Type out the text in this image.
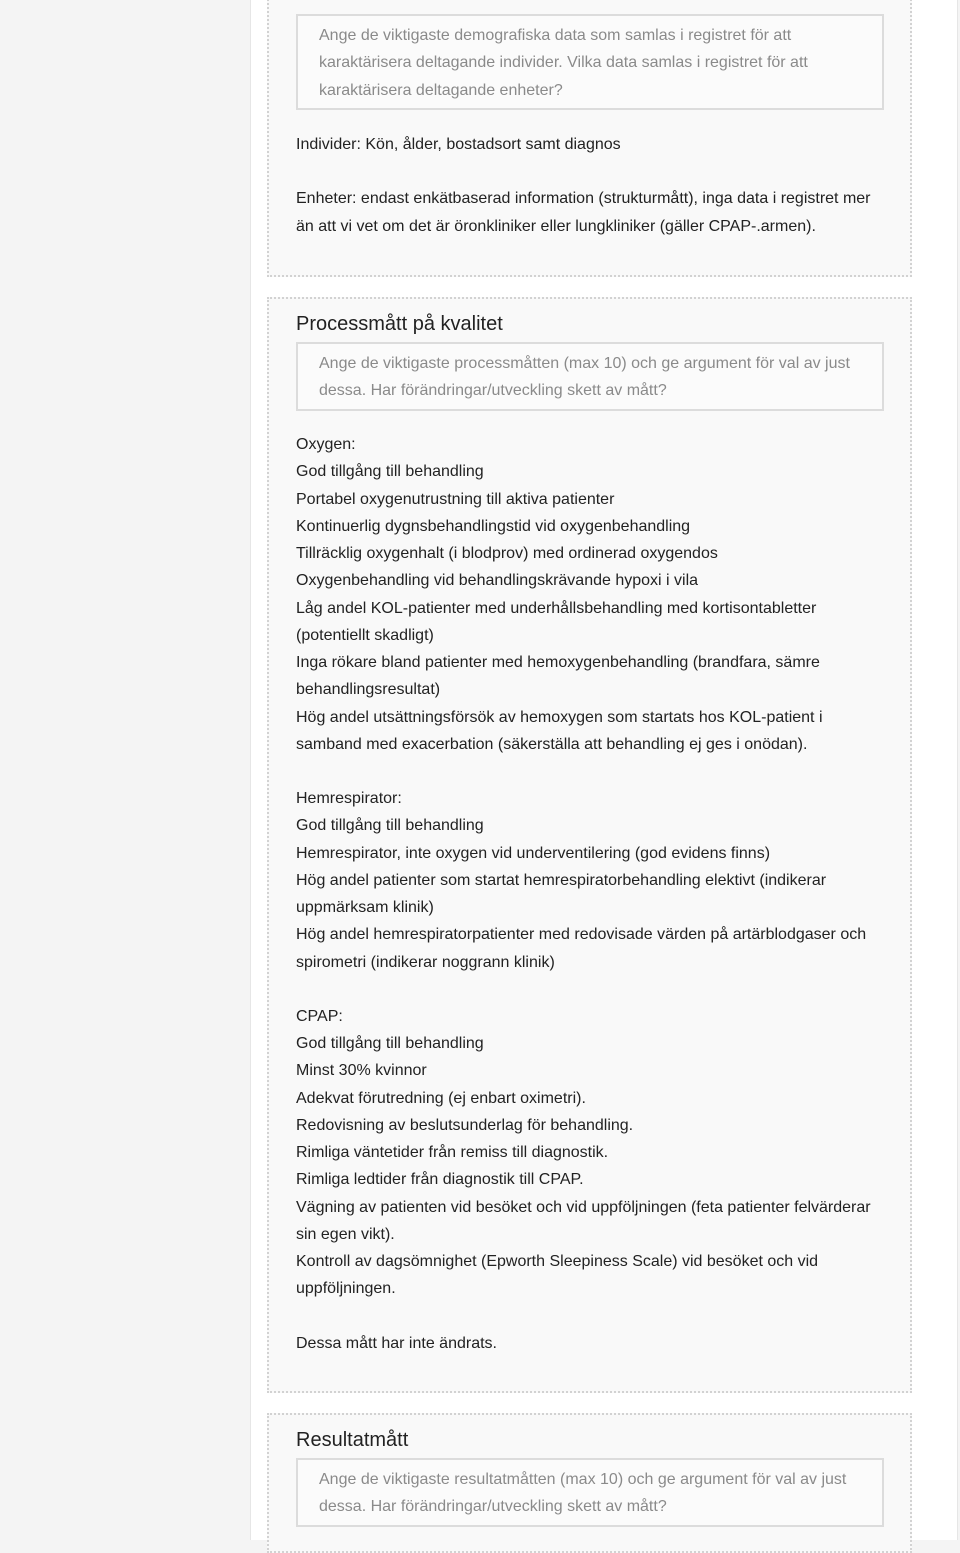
Ange de viktigaste demografiska data som samlas i registret för att karaktärisera deltagande individer. Vilka data samlas i registret för att karaktärisera deltagande enheter?

Individer: Kön, ålder, bostadsort samt diagnos

Enheter: endast enkätbaserad information (strukturmått), inga data i registret mer än att vi vet om det är öronkliniker eller lungkliniker (gäller CPAP-.armen).

Processmått på kvalitet
Ange de viktigaste processmåtten (max 10) och ge argument för val av just dessa. Har förändringar/utveckling skett av mått?

Oxygen:

God tillgång till behandling

Portabel oxygenutrustning till aktiva patienter

Kontinuerlig dygnsbehandlingstid vid oxygenbehandling

Tillräcklig oxygenhalt (i blodprov) med ordinerad oxygendos

Oxygenbehandling vid behandlingskrävande hypoxi i vila

Låg andel KOL-patienter med underhållsbehandling med kortisontabletter (potentiellt skadligt)

Inga rökare bland patienter med hemoxygenbehandling (brandfara, sämre behandlingsresultat)

Hög andel utsättningsförsök av hemoxygen som startats hos KOL-patient i samband med exacerbation (säkerställa att behandling ej ges i onödan).

Hemrespirator:

God tillgång till behandling

Hemrespirator, inte oxygen vid underventilering (god evidens finns)

Hög andel patienter som startat hemrespiratorbehandling elektivt (indikerar uppmärksam klinik)

Hög andel hemrespiratorpatienter med redovisade värden på artärblodgaser och spirometri (indikerar noggrann klinik)

CPAP:

God tillgång till behandling

Minst 30% kvinnor

Adekvat förutredning (ej enbart oximetri).

Redovisning av beslutsunderlag för behandling.

Rimliga väntetider från remiss till diagnostik.

Rimliga ledtider från diagnostik till CPAP.

Vägning av patienten vid besöket och vid uppföljningen (feta patienter felvärderar sin egen vikt).

Kontroll av dagsömnighet (Epworth Sleepiness Scale) vid besöket och vid uppföljningen.

Dessa mått har inte ändrats.

Resultatmått
Ange de viktigaste resultatmåtten (max 10) och ge argument för val av just dessa. Har förändringar/utveckling skett av mått?
